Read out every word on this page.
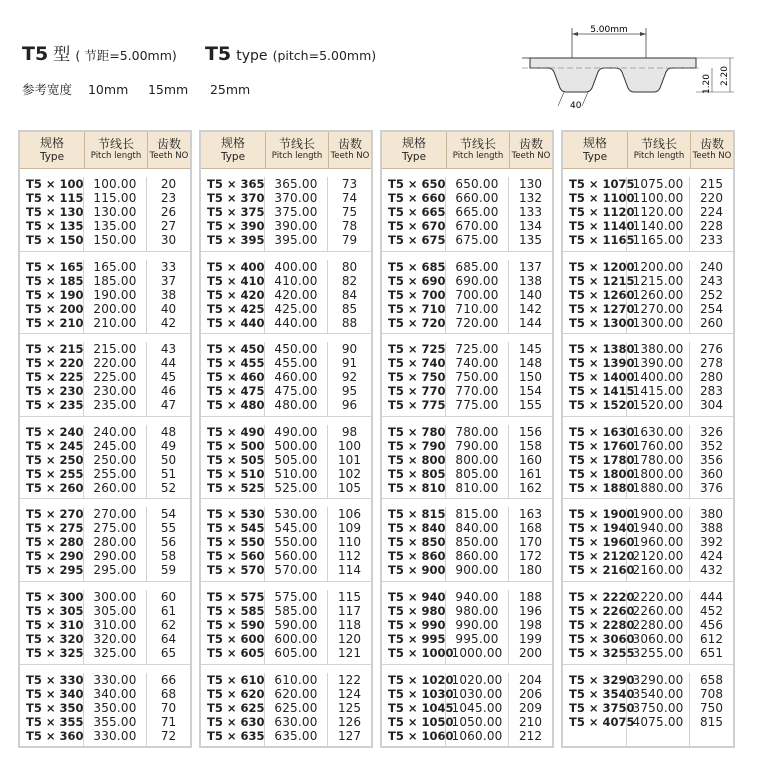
T5 型 ( 节距=5.00mm) T5 type (pitch=5.00mm)
参考宽度 10mm 15mm 25mm
5.00mm
1.20 2.20
40
规格
Type
节线长
Pitch length
齿数
Teeth NO
T5 × 100
T5 × 115
T5 × 130
T5 × 135
T5 × 150
100.00
115.00
130.00
135.00
150.00
20
23
26
27
30
T5 × 165
T5 × 185
T5 × 190
T5 × 200
T5 × 210
165.00
185.00
190.00
200.00
210.00
33
37
38
40
42
T5 × 215
T5 × 220
T5 × 225
T5 × 230
T5 × 235
215.00
220.00
225.00
230.00
235.00
43
44
45
46
47
T5 × 240
T5 × 245
T5 × 250
T5 × 255
T5 × 260
240.00
245.00
250.00
255.00
260.00
48
49
50
51
52
T5 × 270
T5 × 275
T5 × 280
T5 × 290
T5 × 295
270.00
275.00
280.00
290.00
295.00
54
55
56
58
59
T5 × 300
T5 × 305
T5 × 310
T5 × 320
T5 × 325
300.00
305.00
310.00
320.00
325.00
60
61
62
64
65
T5 × 330
T5 × 340
T5 × 350
T5 × 355
T5 × 360
330.00
340.00
350.00
355.00
330.00
66
68
70
71
72
规格
Type
节线长
Pitch length
齿数
Teeth NO
T5 × 365
T5 × 370
T5 × 375
T5 × 390
T5 × 395
365.00
370.00
375.00
390.00
395.00
73
74
75
78
79
T5 × 400
T5 × 410
T5 × 420
T5 × 425
T5 × 440
400.00
410.00
420.00
425.00
440.00
80
82
84
85
88
T5 × 450
T5 × 455
T5 × 460
T5 × 475
T5 × 480
450.00
455.00
460.00
475.00
480.00
90
91
92
95
96
T5 × 490
T5 × 500
T5 × 505
T5 × 510
T5 × 525
490.00
500.00
505.00
510.00
525.00
98
100
101
102
105
T5 × 530
T5 × 545
T5 × 550
T5 × 560
T5 × 570
530.00
545.00
550.00
560.00
570.00
106
109
110
112
114
T5 × 575
T5 × 585
T5 × 590
T5 × 600
T5 × 605
575.00
585.00
590.00
600.00
605.00
115
117
118
120
121
T5 × 610
T5 × 620
T5 × 625
T5 × 630
T5 × 635
610.00
620.00
625.00
630.00
635.00
122
124
125
126
127
规格
Type
节线长
Pitch length
齿数
Teeth NO
T5 × 650
T5 × 660
T5 × 665
T5 × 670
T5 × 675
650.00
660.00
665.00
670.00
675.00
130
132
133
134
135
T5 × 685
T5 × 690
T5 × 700
T5 × 710
T5 × 720
685.00
690.00
700.00
710.00
720.00
137
138
140
142
144
T5 × 725
T5 × 740
T5 × 750
T5 × 770
T5 × 775
725.00
740.00
750.00
770.00
775.00
145
148
150
154
155
T5 × 780
T5 × 790
T5 × 800
T5 × 805
T5 × 810
780.00
790.00
800.00
805.00
810.00
156
158
160
161
162
T5 × 815
T5 × 840
T5 × 850
T5 × 860
T5 × 900
815.00
840.00
850.00
860.00
900.00
163
168
170
172
180
T5 × 940
T5 × 980
T5 × 990
T5 × 995
T5 × 1000
940.00
980.00
990.00
995.00
1000.00
188
196
198
199
200
T5 × 1020
T5 × 1030
T5 × 1045
T5 × 1050
T5 × 1060
1020.00
1030.00
1045.00
1050.00
1060.00
204
206
209
210
212
规格
Type
节线长
Pitch length
齿数
Teeth NO
T5 × 1075
T5 × 1100
T5 × 1120
T5 × 1140
T5 × 1165
1075.00
1100.00
1120.00
1140.00
1165.00
215
220
224
228
233
T5 × 1200
T5 × 1215
T5 × 1260
T5 × 1270
T5 × 1300
1200.00
1215.00
1260.00
1270.00
1300.00
240
243
252
254
260
T5 × 1380
T5 × 1390
T5 × 1400
T5 × 1415
T5 × 1520
1380.00
1390.00
1400.00
1415.00
1520.00
276
278
280
283
304
T5 × 1630
T5 × 1760
T5 × 1780
T5 × 1800
T5 × 1880
1630.00
1760.00
1780.00
1800.00
1880.00
326
352
356
360
376
T5 × 1900
T5 × 1940
T5 × 1960
T5 × 2120
T5 × 2160
1900.00
1940.00
1960.00
2120.00
2160.00
380
388
392
424
432
T5 × 2220
T5 × 2260
T5 × 2280
T5 × 3060
T5 × 3255
2220.00
2260.00
2280.00
3060.00
3255.00
444
452
456
612
651
T5 × 3290
T5 × 3540
T5 × 3750
T5 × 4075
3290.00
3540.00
3750.00
4075.00
658
708
750
815
